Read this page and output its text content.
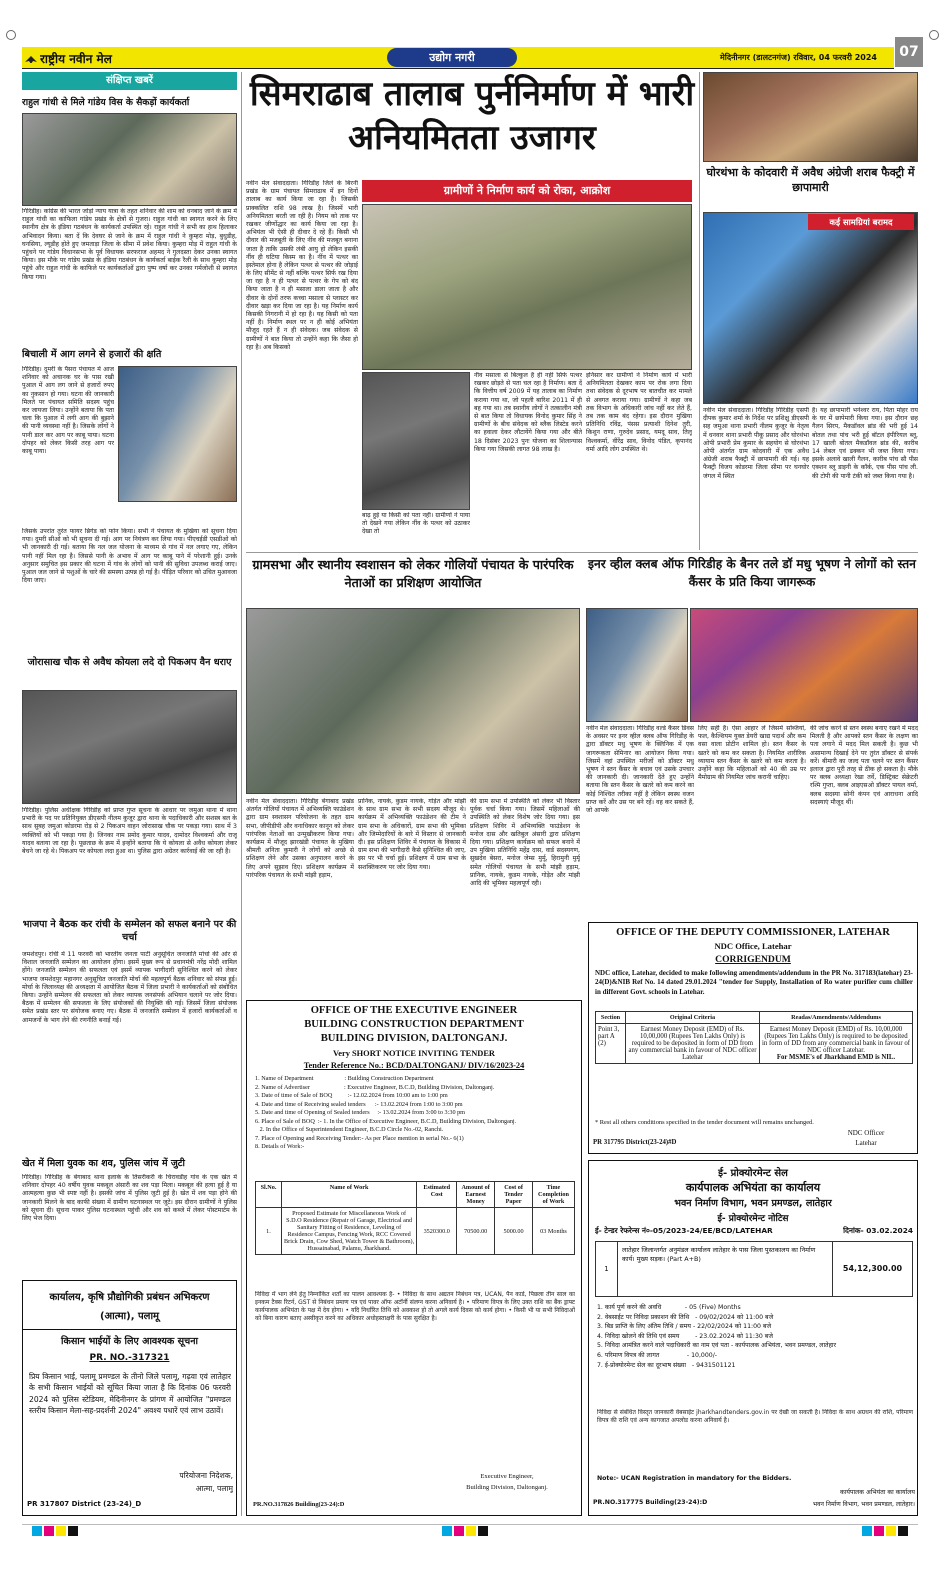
राष्ट्रीय नवीन मेल	उद्योग नगरी	मेदिनीनगर (डालटनगंज) रविवार, 04 फरवरी 2024	07
संक्षिप्त खबरें
राहुल गांधी से मिले गांडेय विस के सैकड़ों कार्यकर्ता
गिरिडीह। कांग्रेस की भारत जोड़ो न्याय यात्रा के तहत शनिवार की शाम को धनबाद जाने के क्रम में राहुल गांधी का काफिला गांडेय प्रखंड के क्षेत्रों से गुजरा। राहुल गांधी का स्वागत करने के लिए स्थानीय क्षेत्र के इंडिया गठबंधन के कार्यकर्ता उपस्थित रहे। राहुल गांधी ने सभी का हाथ हिलाकर अभिवादन किया। बता दें कि देवघर से जाने के क्रम में राहुल गांधी ने कुम्हरा मोड़, बुधुडीह, घनसिया, ल्यूडीह होते हुए जमताड़ा जिला के सीमा में प्रवेश किया। कुम्हरा मोड़ में राहुल गांधी के पहुंचने पर गांडेय विधानसभा के पूर्व विधायक सरफराज अहमद ने गुलदस्ता देकर उनका स्वागत किया। इस मौके पर गांडेय प्रखंड के इंडिया गठबंधन के कार्यकर्ता बाईक रैली के साथ कुम्हरा मोड़ पहुंचे और राहुल गांधी के काफिले पर कार्यकर्ताओं द्वारा पुष्प वर्षा कर उनका गर्मजोशी से स्वागत किया गया।
बिचाली में आग लगने से हजारों की क्षति
गिरिडीह। दुमरी के पैसरा पंचायत में आज शनिवार को अचानक घर के पास रखी पुआल में आग लग जाने से हजारों रुपए का नुकसान हो गया। घटना की जानकारी मिलते पर पंचायत समिति सदस्य पहुंच कर जायजा लिया। उन्होंने बताया कि पता चला कि पुआल में लगी आग की बुझाने की पानी व्यवस्था नहीं है। जिसके लोगों ने पानी डाल कर आग पर काबू पाया। घटना दोपहर को लेकर किसी तरह आग पर काबू पाया।
जिसके उपरांत तुरंत फायर ब्रिगेड को फोन किया। सभी ने पंचायत के मुखिया को सूचना दिया गया। दुमरी सीओ को भी सूचना दी गई। आग पर नियंत्रण कर लिया गया। पीएचईडी एसडीओ को भी जानकारी दी गई। बताया कि नल जल योजना के माध्यम से गांव में नल लगाए गए, लेकिन पानी नहीं मिल रहा है। जिससे पानी के अभाव में आग पर काबू पाने में परेशानी हुई। उनके अनुसार समुचित इस प्रकार की घटना में गांव के लोगों को पानी की सुविधा उपलब्ध कराई जाए। पुआल जल जाने से पशुओं के चारे की समस्या उत्पन्न हो गई है। पीड़ित परिवार को उचित मुआवजा दिया जाए।
जोरासाख चौक से अवैध कोयला लदे दो पिकअप वैन धराए
गिरिडीह। पुलिस अधीक्षक गिरिडीह को प्राप्त गुप्त सूचना के आधार पर जमुआ थाना में थाना प्रभारी के पद पर प्रतिनियुक्त डीएसपी नीलम कुजूर द्वारा थाना के पदाधिकारी और सशस्त्र बल के साथ सुबह जमुआ कोडरमा रोड़ से 2 पिकअप वाहन जोरासाख चौक पर पकड़ा गया। साथ में 3 व्यक्तियों को भी पकड़ा गया है। जिनका नाम प्रमोद कुमार यादव, दामोदर विश्वकर्मा और राजू यादव बताया जा रहा है। पूछताछ के क्रम में इन्होंने बताया कि ये कोयला से अवैध कोयला लेकर बेचने जा रहे थे। पिकअप पर कोयला लदा हुआ था। पुलिस द्वारा अग्रेतर कार्रवाई की जा रही है।
भाजपा ने बैठक कर रांची के सम्मेलन को सफल बनाने पर की चर्चा
जमशेदपुर। रांची में 11 फरवरी को भारतीय जनता पार्टी अनुसूचित जनजाति मोर्चा की ओर से विशाल जनजाति सम्मेलन का आयोजन होगा। इसमें मुख्य रूप से प्रधानमंत्री नरेंद्र मोदी शामिल होंगे। जनजाति सम्मेलन की सफलता एवं इसमें व्यापक भागीदारी सुनिश्चित करने को लेकर भाजपा जमशेदपुर महानगर अनुसूचित जनजाति मोर्चा की महत्वपूर्ण बैठक शनिवार को संपन्न हुई। मोर्चा के जिलाध्यक्ष की अध्यक्षता में आयोजित बैठक में जिला प्रभारी ने कार्यकर्ताओं को संबोधित किया। उन्होंने सम्मेलन की सफलता को लेकर व्यापक जनसंपर्क अभियान चलाने पर जोर दिया। बैठक में सम्मेलन की सफलता के लिए संयोजकों की नियुक्ति की गई। जिसमें जिला संयोजक समेत प्रखंड स्तर पर संयोजक बनाए गए। बैठक में जनजाति सम्मेलन में हजारों कार्यकर्ताओं व आमजनों के भाग लेने की रणनीति बनाई गई।
खेत में मिला युवक का शव, पुलिस जांच में जुटी
गिरिडीह। गिरिडीह के बेंगाबाद थाना इलाके के तिसरीकरी के चिरावडीह गांव के एक खेत में शनिवार दोपहर 40 वर्षीय युवक मकबूल अंसारी का शव पड़ा मिला। मकबूल की हत्या हुई है या आत्महत्या कुछ भी स्पष्ट नहीं है। इसकी जांच में पुलिस जुटी हुई है। खेत में शव पड़ा होने की जानकारी मिलने के बाद काफी संख्या में ग्रामीण घटनास्थल पर जुटे। इस दौरान ग्रामीणों ने पुलिस को सूचना दी। सूचना पाकर पुलिस घटनास्थल पहुंची और शव को कब्जे में लेकर पोस्टमार्टम के लिए भेज दिया।
कार्यालय, कृषि प्रौद्योगिकी प्रबंधन अभिकरण
(आत्मा), पलामू
किसान भाईयों के लिए आवश्यक सूचना
PR. NO.-317321
प्रिय किसान भाई, पलामू प्रमण्डल के तीनो जिले पलामू, गढ़वा एवं लातेहार के सभी किसान भाईयों को सूचित किया जाता है कि दिनांक 06 फरवरी 2024 को पुलिस स्टेडियम, मेदिनीनगर के प्रांगण में आयोजित "प्रमण्डल स्तरीय किसान मेला-सह-प्रदर्शनी 2024" अवश्य पधारें एवं लाभ उठावें।
परियोजना निदेशक,
आत्मा, पलामू
PR 317807 District (23-24)_D
सिमराढाब तालाब पुर्ननिर्माण में भारी अनियमितता उजागर
नवीन मेल संवाददाता। गिरिडीह जिले के बिरनी प्रखंड के ग्राम पंचायत सिमराढाब में इन दिनों तालाब का कार्य किया जा रहा है। जिसकी प्राक्कलित राशि 98 लाख है। जिसमें भारी अनियमितता बरती जा रही है। नियम को ताक पर रखकर जीर्णोद्धार का कार्य किया जा रहा है। अभियंता भी ऐसी ही दीवार दे रहे हैं। किसी भी दीवार की मजबूती के लिए नींव की मजबूत बनाना जाता है ताकि उसकी लंबी आयु हो लेकिन इसकी नींव ही घटिया किस्म का है। नींव में पत्थर का इस्तेमाल होना है लेकिन पत्थर से पत्थर की जोड़ाई के लिए सीमेंट से नहीं बल्कि पत्थर सिर्फ रख दिया जा रहा है न ही पत्थर से पत्थर के गेप को बंद किया जाता है न ही मसाला डाला जाता है और दीवार के दोनों तरफ कच्चा मसाला से प्लास्टर कर दीवार खड़ा कर दिया जा रहा है। यह निर्माण कार्य किसकी निगरानी में हो रहा है। यह किसी को पता नहीं है। निर्माण स्थल पर न ही कोई अभियंता मौजूद रहते हैं न ही संवेदक। जब संवेदक से ग्रामीणों ने बात किया तो उन्होंने कहा कि जैसा हो रहा है। अब किसको
ग्रामीणों ने निर्माण कार्य को रोका, आक्रोश
बाढ़ हुई या किसी को पता नहीं। ग्रामीणों ने पाया तो देखने गया लेकिन नींव के पत्थर को उठाकर देखा तो
नींव मसाला से बिल्कुल है ही नहीं सिर्फ पत्थर रखकर छोड़ते से पता चल रहा है निर्माण। बता दें कि वित्तीय वर्ष 2009 में यह तालाब का निर्माण कराया गया था, जो पहली बारिश 2011 में ही बह गया था। तब स्थानीय लोगों ने तत्कालीन मंत्री से बात किया तो विधायक विनोद कुमार सिंह ने ग्रामीणों के बीच संवेदक को ब्लैक लिस्टेड करने का हवाला देकर लौटायेंगे किया गया और बीते 18 दिसंबर 2023 पुनः योजना का शिलान्यास किया गया जिसकी लागत 98 लाख है।
इनिसार कर ग्रामीणों ने निर्माण कार्य में भारी अनियमितता देखकर काम पर रोक लगा दिया तथा संवेदक से दूरभाष पर बातचीत कर मामले से अवगत कराया गया। ग्रामीणों ने कहा जब तक विभाग के अधिकारी जांच नहीं कर लेते हैं, तब तक काम बंद रहेगा। इस दौरान मुखिया प्रतिनिधि रविंद्र, पंसस प्रत्याशी दिनेश तुरी, किशुन राणा, गुरुदेव प्रसाद, यमदू साव, तिलू विश्वकर्मा, वीरेंद्र साव, विनोद पंडित, कृपानंद वर्मा आदि लोग उपस्थित थे।
घोरथंभा के कोदवारी में अवैध अंग्रेजी शराब फैक्ट्री में छापामारी
कई सामग्रियां बरामद
नवीन मेल संवाददाता। गिरिडीह गिरिडीह एसपी दीपक कुमार शर्मा के निर्देश पर प्रशिक्षु डीएसपी सह जमुआ थाना प्रभारी नीलम कुजूर के नेतृत्व में धनवार थाना प्रभारी पीकू प्रसाद और घोरथंभा ओपी प्रभारी प्रेम कुमार के सहयोग से घोरथंभा ओपी अंतर्गत ग्राम कोदवारी में एक अवैध अंग्रेजी शराब फैक्ट्री में छापामारी की गई। यह फैक्ट्री विजय कोडरमा जिला सीमा पर घनघोर जंगल में स्थित
है। यह छापामारी भनेश्वर राय, पिता मोहर राय के घर में छापेमारी किया गया। इस दौरान छह गैलन सिरप, मैकडॉवल ब्रांड की भरी हुई 14 बोतल तथा पांच भरी हुई बॉटल इंपीरियल ब्लू, 17 खाली बोतल मैकडॉवल ब्रांड की, कारीब 14 लेबल एवं ढक्कन भी जब्त किया गया। इसके अलावे खाली गैलन, कारीब पांच सौ पीस एक्शन ब्लू डाइनी के कॉर्क, एक पीस पांच ली. की टोपी की पानी टंकी को जब्त किया गया है।
ग्रामसभा और स्थानीय स्वशासन को लेकर गोलियों पंचायत के पारंपरिक नेताओं का प्रशिक्षण आयोजित
नवीन मेल संवाददाता। गिरिडीह बेंगाबाद प्रखंड अंतर्गत गोलियों पंचायत में अभिव्यक्ति फाउंडेशन द्वारा ग्राम स्वशासन परियोजना के तहत ग्राम सभा, जीपीडीपी और वनाधिकार कानून को लेकर पारंपरिक नेताओं का उन्मुखीकरण किया गया। कार्यक्रम में मौजूद झारखंडी पंचायत के मुखिया श्रीमती अनिता कुमारी ने लोगों को अच्छे से प्रशिक्षण लेने और उसका अनुपालन करने के लिए अपने सुझाव दिए। प्रशिक्षण कार्यक्रम में पारंपरिक पंचायत के सभी मांझी हड़ाम,
प्रानिक, नायके, कुडम नायके, गोड़ेत और मांझी के साथ ग्राम सभा के सभी सदस्य मौजूद थे। कार्यक्रम में अभिव्यक्ति फाउंडेशन की टीम ने ग्राम सभा के अधिकारों, ग्राम सभा की भूमिका और जिम्मेदारियों के बारे में विस्तार से जानकारी दी। इस प्रशिक्षण शिविर में पंचायत के विकास में ग्राम सभा की भागीदारी कैसे सुनिश्चित की जाए, इस पर भी चर्चा हुई। प्रशिक्षण में ग्राम सभा के सशक्तिकरण पर जोर दिया गया।
की ग्राम सभा में उपस्थिति को लेकर भी विस्तार पूर्वक चर्चा किया गया। जिसमें महिलाओं की उपस्थिति को लेकर विशेष जोर दिया गया। इस प्रशिक्षण शिविर में अभिव्यक्ति फाउंडेशन के मनोज दास और खतिबुल अंसारी द्वारा प्रशिक्षण दिया गया। प्रशिक्षण कार्यक्रम को सफल बनाने में उप मुखिया प्रतिनिधि महेंद्र दास, वार्ड सदस्यगण, सुखदेव बेसरा, मनोज जेम्स मुर्मू, हिरामुनी मुर्मू समेत गोलियों पंचायत के सभी मांझी हड़ाम, प्रानिक, नायके, कुडम नायके, गोड़ेत और मांझी आदि की भूमिका महत्वपूर्ण रही।
इनर व्हील क्लब ऑफ गिरिडीह के बैनर तले डॉ मधु भूषण ने लोगों को स्तन कैंसर के प्रति किया जागरूक
नवीन मेल संवाददाता। गिरिडीह वर्ल्ड कैंसर डिवस के अवसर पर इनर व्हील क्लब ऑफ गिरिडीह के द्वारा डॉक्टर मधु भूषण के क्लिनिक में एक जागरूकता सेमिनार का आयोजन किया गया। जिसमें वहां उपस्थित मरीजों को डॉक्टर मधु भूषण ने स्तन कैंसर के बचाव एवं उसके उपचार की जानकारी दी। जानकारी देते हुए उन्होंने बताया कि स्तन कैंसर के खतरे को कम करने का कोई निश्चित तरीका नहीं है लेकिन स्वस्थ वजन प्राप्त करें और उस पर बने रहें। वह कर सकते हैं, जो आपके
लिए सही है। ऐसा आहार लें जिसमें सब्जियां, फल, कैल्शियम युक्त डेयरी खाद्य पदार्थ और कम वसा वाला प्रोटीन शामिल हो। स्तन कैंसर के खतरे को कम कर सकता है। नियमित शारीरिक व्यायाम स्तन कैंसर के खतरे को कम करता है। उन्होंने कहा कि महिलाओं को 40 की उम्र पर मैमोग्राम की नियमित जांच करानी चाहिए।
की जांच करने से स्तन स्वस्थ बनाए रखने में मदद मिलती है और आपको स्तन कैंसर के लक्षण का पता लगाने में मदद मिल सकती है। कुछ भी असामान्य दिखाई देने पर तुरंत डॉक्टर से संपर्क करें। बीमारी का जल्द पता चलने पर स्तन कैंसर इलाज द्वारा पूरी तरह से ठीक हो सकता है। मौके पर क्लब अध्यक्षा रेखा तर्वे, डिस्ट्रिक्ट सेक्रेटरी रश्मि गुप्ता, क्लब आइएसओ डॉक्टर पायल वर्मा, क्लब सदस्या सोनी कंपन एवं आराधना आदि सदस्याएं मौजूद थीं।
OFFICE OF THE EXECUTIVE ENGINEER
BUILDING CONSTRUCTION DEPARTMENT
BUILDING DIVISION, DALTONGANJ.
Very SHORT NOTICE INVITING TENDER
Tender Reference No.: BCD/DALTONGANJ/ DIV/16/2023-24
1. Name of Department                    : Building Construction Department
2. Name of Advertiser                      : Executive Engineer, B.C.D, Building Division, Daltonganj.
3. Date of time of Sale of BOQ          :- 12.02.2024 from 10:00 am to 1:00 pm
4. Date and time of Receiving sealed tenders      :- 13.02.2024 from 1:00 to 3:00 pm
5. Date and time of Opening of Sealed tenders     :- 13.02.2024 from 3:00 to 3:30 pm
6. Place of Sale of BOQ  :- 1. In the Office of Executive Engineer, B.C.D, Building Division, Daltonganj.
2. In the Office of Superintendent Engineer, B.C.D Circle No.-02, Ranchi.
7. Place of Opening and Receiving Tender:- As per Place mention in serial No.- 6(1)
8. Details of Work:-
Sl.No.	Name of Work	Estimated Cost	Amount of Earnest Money	Cost of Tender Paper	Time Completion of Work
1.	Proposed Estimate for Miscellaneous Work of S.D.O Residence (Repair of Garage, Electrical and Sanitary Fitting of Residence, Leveling of Residence Campus, Fencing Work, RCC Covered Brick Drain, Cow Shed, Watch Tower & Bathroom), Hussainabad, Palamu, Jharkhand.	3520300.0	70500.00	5000.00	03 Months
निविदा में भाग लेने हेतु निम्नांकित शर्तों का पालन आवश्यक है- • निविदा के साथ अद्यतन निबंधन पत्र, UCAN, पैन कार्ड, पिछला तीन साल का इनकम टैक्स रिटर्न, GST से निबंधन प्रमाण पत्र एवं पावर ऑफ अटॉर्नी संलग्न करना अनिवार्य है। • परिमाण विपत्र के लिए उक्त राशि का बैंक ड्राफ्ट कार्यपालक अभियंता के पक्ष में देय होगा। • यदि निर्धारित तिथि को अवकाश हो तो अगले कार्य दिवस को कार्य होगा। • किसी भी या सभी निविदाओं को बिना कारण बताए अस्वीकृत करने का अधिकार अधोहस्ताक्षरी के पास सुरक्षित है।
Executive Engineer,
Building Division, Daltonganj.
PR.NO.317826 Building(23-24):D
OFFICE OF THE DEPUTY COMMISSIONER, LATEHAR
NDC Office, Latehar
CORRIGENDUM
NDC office, Latehar, decided to make following amendments/addendum in the PR No. 317183(latehar) 23-24(D)&NIB Ref No. 14 dated 29.01.2024 "tender for Supply, Installation of Ro water purifier cum chiller in different Govt. schools in Latehar.
Section	Original Criteria	Readas/Amendments/Addendums
Point 3, part A (2)	Earnest Money Deposit (EMD) of Rs. 10,00,000 (Rupees Ten Lakhs Only) is required to be deposited in form of DD from any commercial bank in favour of NDC officer Latehar	Earnest Money Deposit (EMD) of Rs. 10,00,000 (Rupees Ten Lakhs Only) is required to be deposited in form of DD from any commercial bank in favour of NDC officer Latehar.
For MSME's of Jharkhand EMD is NIL.
* Rest all others conditions specified in the tender document will remains unchanged.
NDC Officer
Latehar
PR 317795 District(23-24)#D
ई- प्रोक्योरमेन्ट सेल
कार्यपालक अभियंता का कार्यालय
भवन निर्माण विभाग, भवन प्रमण्डल, लातेहार
ई- प्रोक्योरमेन्ट नोटिस
ई- टेन्डर रेफरेन्स नं०-05/2023-24/EE/BCD/LATEHAR	दिनांक- 03.02.2024
1
लातेहार जिलान्तर्गत अनुमंडल कार्यालय लातेहार के पास जिला पुस्तकालय का निर्माण कार्य। मुख्य सड़क। (Part A+B)
54,12,300.00
1. कार्य पूर्ण करने की अवधि            - 05 (Five) Months
2. वेबसाईट पर निविदा प्रकाशन की तिथि   - 09/02/2024 को 11:00 बजे
3. बिड प्राप्ति के लिए अंतिम तिथि / समय - 22/02/2024 को 11:00 बजे
4. निविदा खोलने की तिथि एवं समय        - 23.02.2024 को 11:30 बजे
5. निविदा आमंत्रित करने वाले पदाधिकारी का नाम एवं पता - कार्यपालक अभियंता, भवन प्रमण्डल, लातेहार
6. परिमाण विपत्र की लागत              - 10,000/-
7. ई-प्रोक्योरमेन्ट सेल का दूरभाष संख्या   - 9431501121
निविदा से संबंधित विस्तृत जानकारी वेबसाईट jharkhandtenders.gov.in पर देखी जा सकती है। निविदा के साथ अग्रधन की राशि, परिमाण विपत्र की राशि एवं अन्य कागजात अपलोड करना अनिवार्य है।
Note:- UCAN Registration in mandatory for the Bidders.
कार्यपालक अभियंता का कार्यालय
भवन निर्माण विभाग, भवन प्रमण्डल, लातेहार।
PR.NO.317775 Building(23-24):D
